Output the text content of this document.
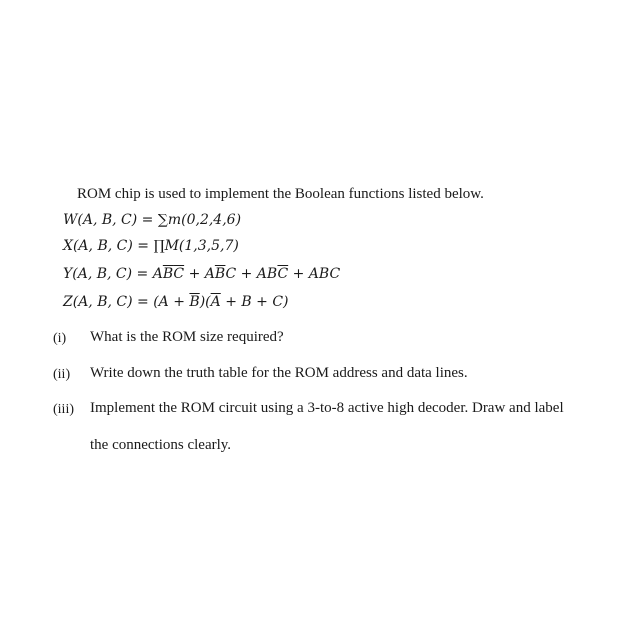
ROM chip is used to implement the Boolean functions listed below.
W(A, B, C) = ∑m(0,2,4,6)
X(A, B, C) = ∏M(1,3,5,7)
Y(A, B, $C) = A\overline{B}\overline{C} + A\overline{B}C + AB\overline{C}$ + ABC
Z(A, B, $C) = (A + \overline{B})(\overline{A} + B + C)$
(i) What is the ROM size required?
(ii) Write down the truth table for the ROM address and data lines.
(iii) Implement the ROM circuit using a 3-to-8 active high decoder. Draw and label
the connections clearly.
